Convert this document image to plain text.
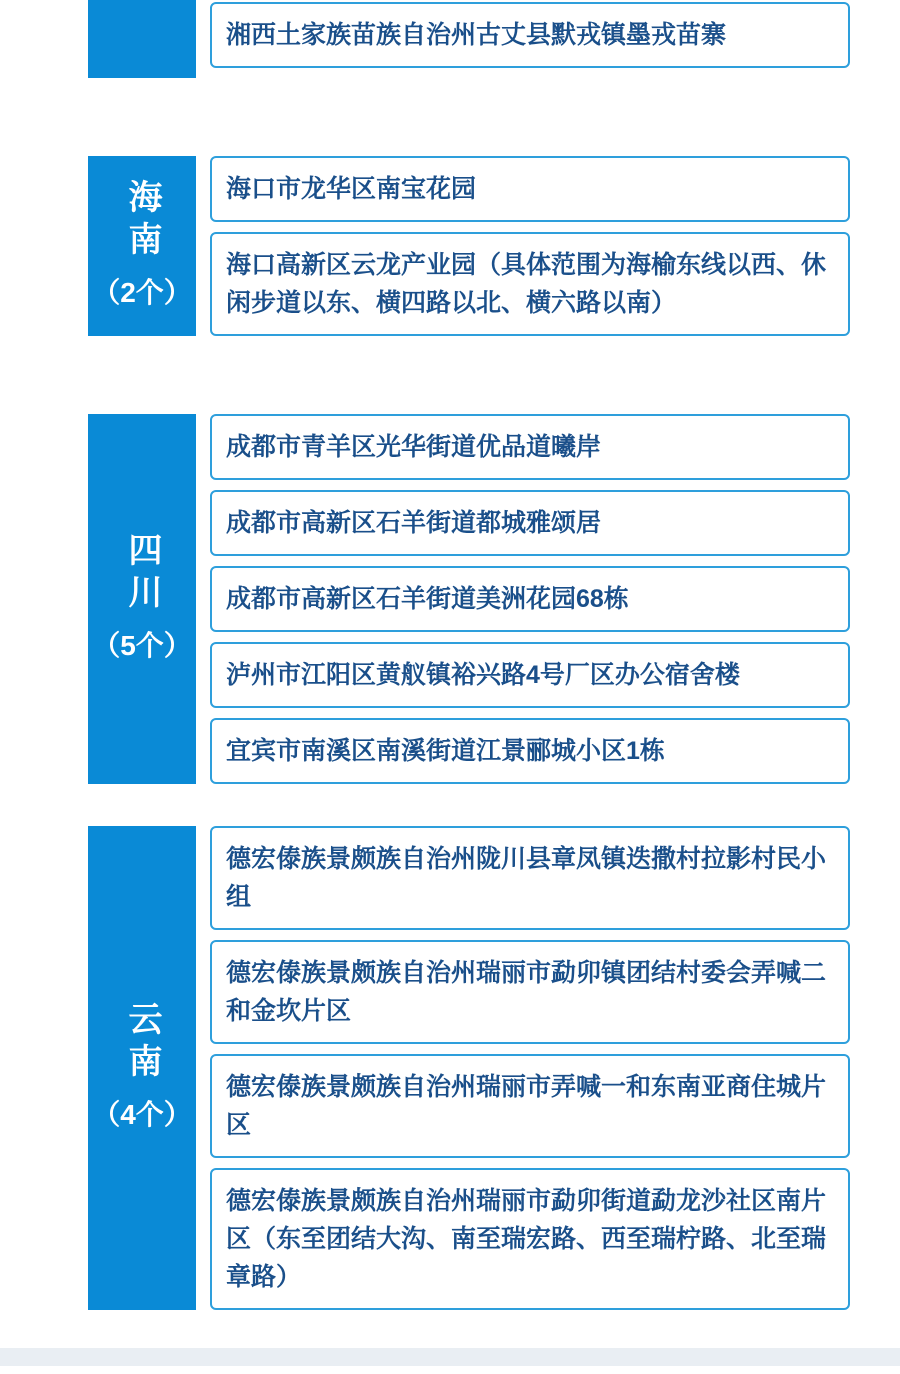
湘西土家族苗族自治州古丈县默戎镇墨戎苗寨
海南
（2个）
海口市龙华区南宝花园
海口高新区云龙产业园（具体范围为海榆东线以西、休闲步道以东、横四路以北、横六路以南）
四川
（5个）
成都市青羊区光华街道优品道曦岸
成都市高新区石羊街道都城雅颂居
成都市高新区石羊街道美洲花园68栋
泸州市江阳区黄舣镇裕兴路4号厂区办公宿舍楼
宜宾市南溪区南溪街道江景郦城小区1栋
云南
（4个）
德宏傣族景颇族自治州陇川县章凤镇迭撒村拉影村民小组
德宏傣族景颇族自治州瑞丽市勐卯镇团结村委会弄喊二和金坎片区
德宏傣族景颇族自治州瑞丽市弄喊一和东南亚商住城片区
德宏傣族景颇族自治州瑞丽市勐卯街道勐龙沙社区南片区（东至团结大沟、南至瑞宏路、西至瑞柠路、北至瑞章路）
